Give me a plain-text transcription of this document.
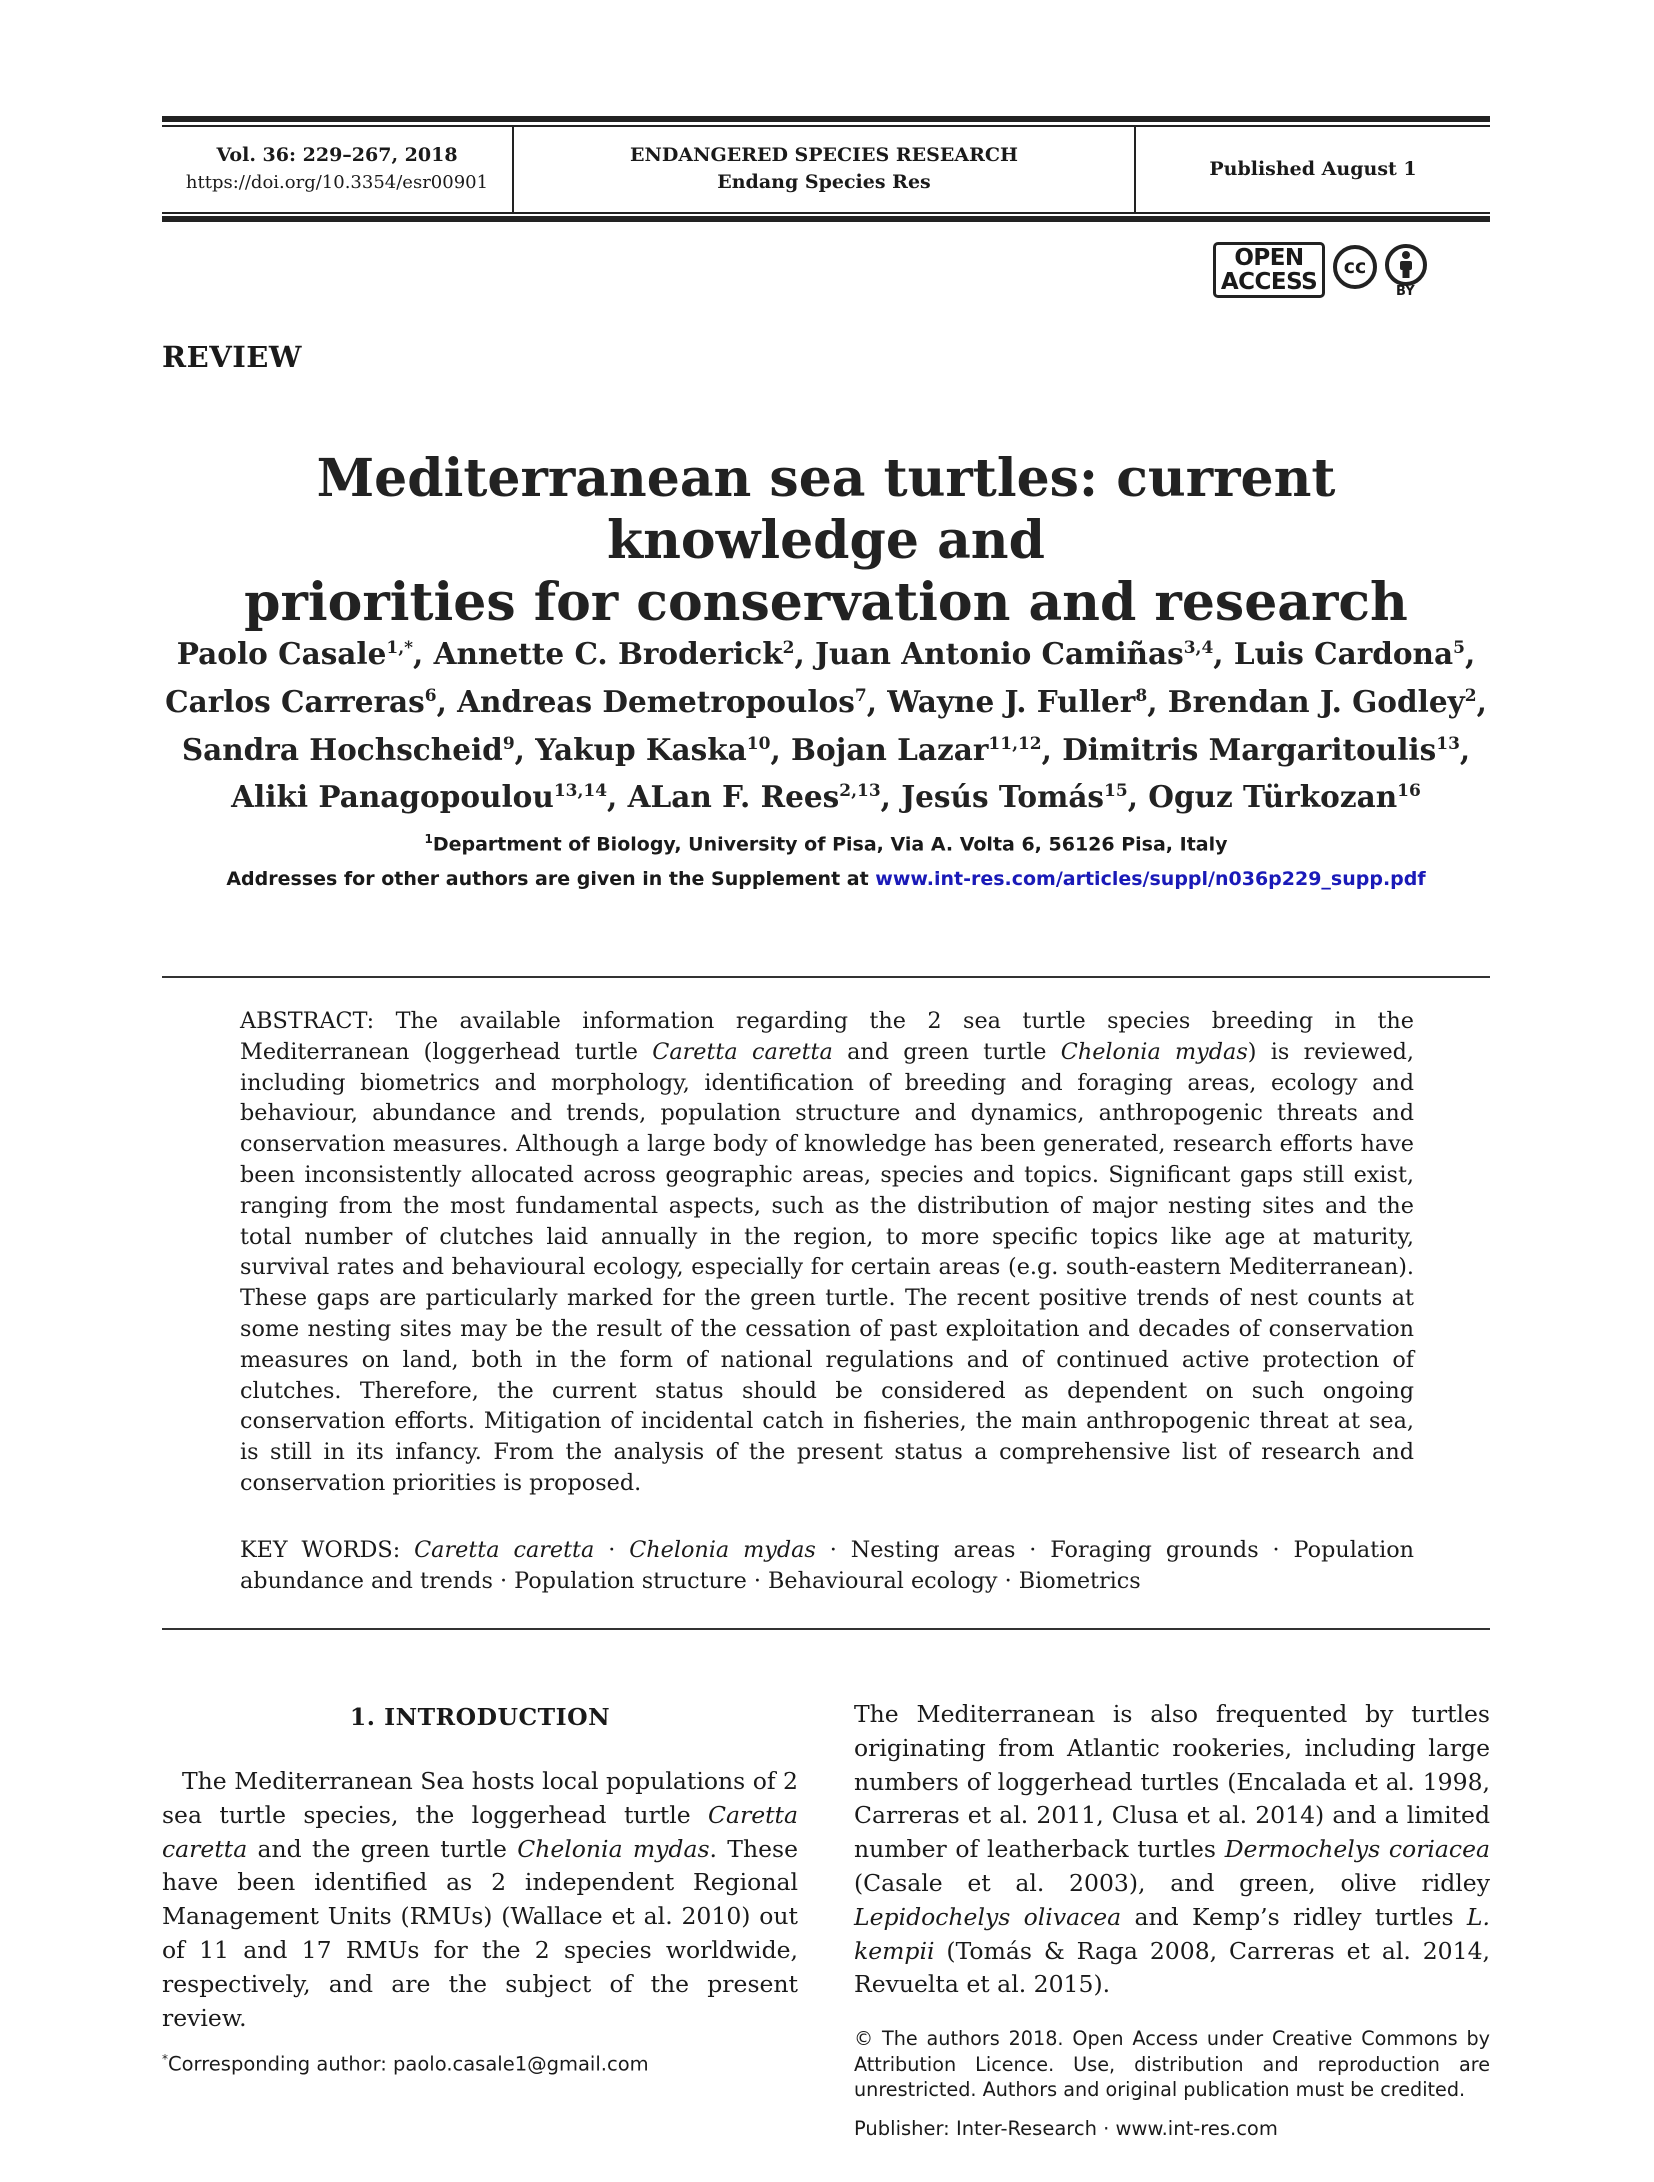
Vol. 36: 229–267, 2018
https://doi.org/10.3354/esr00901
ENDANGERED SPECIES RESEARCH
Endang Species Res
Published August 1
OPEN
ACCESS
cc
BY
REVIEW
Mediterranean sea turtles: current knowledge and
priorities for conservation and research
Paolo Casale$^{1,*}$, Annette C. Broderick$^2$, Juan Antonio Camiñas$^{3,4}$, Luis Cardona$^5$, Carlos Carreras$^6$, Andreas Demetropoulos$^7$, Wayne J. Fuller$^8$, Brendan J. Godley$^2$, Sandra Hochscheid$^9$, Yakup Kaska$^{10}$, Bojan Lazar$^{11,12}$, Dimitris Margaritoulis$^{13}$, Aliki Panagopoulou$^{13,14}$, ALan F. Rees$^{2,13}$, Jesús Tomás$^{15}$, Oguz Türkozan$^{16}$
$^1$Department of Biology, University of Pisa, Via A. Volta 6, 56126 Pisa, Italy
Addresses for other authors are given in the Supplement at www.int-res.com/articles/suppl/n036p229_supp.pdf
ABSTRACT: The available information regarding the 2 sea turtle species breeding in the Mediterranean (loggerhead turtle Caretta caretta and green turtle Chelonia mydas) is reviewed, including biometrics and morphology, identification of breeding and foraging areas, ecology and behaviour, abundance and trends, population structure and dynamics, anthropogenic threats and conservation measures. Although a large body of knowledge has been generated, research efforts have been inconsistently allocated across geographic areas, species and topics. Significant gaps still exist, ranging from the most fundamental aspects, such as the distribution of major nesting sites and the total number of clutches laid annually in the region, to more specific topics like age at maturity, survival rates and behavioural ecology, especially for certain areas (e.g. south-eastern Mediterranean). These gaps are particularly marked for the green turtle. The recent positive trends of nest counts at some nesting sites may be the result of the cessation of past exploitation and decades of conservation measures on land, both in the form of national regulations and of continued active protection of clutches. Therefore, the current status should be considered as dependent on such ongoing conservation efforts. Mitigation of incidental catch in fisheries, the main anthropogenic threat at sea, is still in its infancy. From the analysis of the present status a comprehensive list of research and conservation priorities is proposed.
KEY WORDS: Caretta caretta · Chelonia mydas · Nesting areas · Foraging grounds · Population abundance and trends · Population structure · Behavioural ecology · Biometrics
1. INTRODUCTION

The Mediterranean Sea hosts local populations of 2 sea turtle species, the loggerhead turtle Caretta caretta and the green turtle Chelonia mydas. These have been identified as 2 independent Regional Management Units (RMUs) (Wallace et al. 2010) out of 11 and 17 RMUs for the 2 species worldwide, respectively, and are the subject of the present review.

The Mediterranean is also frequented by turtles originating from Atlantic rookeries, including large numbers of loggerhead turtles (Encalada et al. 1998, Carreras et al. 2011, Clusa et al. 2014) and a limited number of leatherback turtles Dermochelys coriacea (Casale et al. 2003), and green, olive ridley Lepidochelys olivacea and Kemp’s ridley turtles L. kempii (Tomás & Raga 2008, Carreras et al. 2014, Revuelta et al. 2015).

*Corresponding author: paolo.casale1@gmail.com
© The authors 2018. Open Access under Creative Commons by Attribution Licence. Use, distribution and reproduction are unrestricted. Authors and original publication must be credited.
Publisher: Inter-Research · www.int-res.com
